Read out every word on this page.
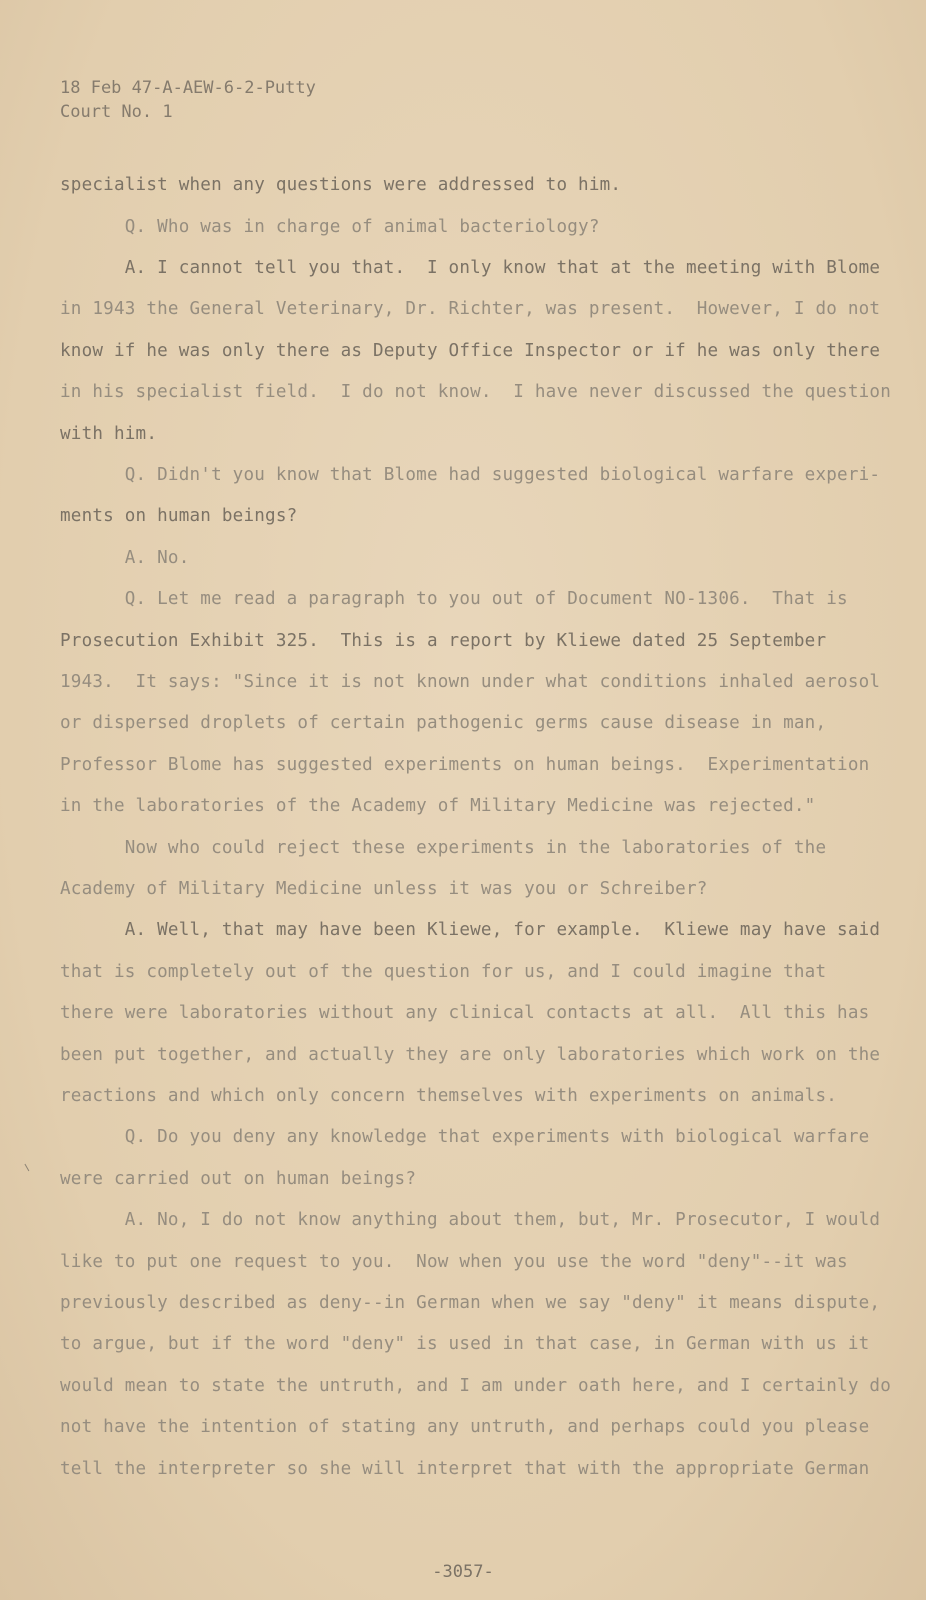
18 Feb 47-A-AEW-6-2-Putty
Court No. 1
specialist when any questions were addressed to him.
Q. Who was in charge of animal bacteriology?
A. I cannot tell you that.  I only know that at the meeting with Blome
in 1943 the General Veterinary, Dr. Richter, was present.  However, I do not
know if he was only there as Deputy Office Inspector or if he was only there
in his specialist field.  I do not know.  I have never discussed the question
with him.
Q. Didn't you know that Blome had suggested biological warfare experi-
ments on human beings?
A. No.
Q. Let me read a paragraph to you out of Document NO-1306.  That is
Prosecution Exhibit 325.  This is a report by Kliewe dated 25 September
1943.  It says: "Since it is not known under what conditions inhaled aerosol
or dispersed droplets of certain pathogenic germs cause disease in man,
Professor Blome has suggested experiments on human beings.  Experimentation
in the laboratories of the Academy of Military Medicine was rejected."
Now who could reject these experiments in the laboratories of the
Academy of Military Medicine unless it was you or Schreiber?
A. Well, that may have been Kliewe, for example.  Kliewe may have said
that is completely out of the question for us, and I could imagine that
there were laboratories without any clinical contacts at all.  All this has
been put together, and actually they are only laboratories which work on the
reactions and which only concern themselves with experiments on animals.
Q. Do you deny any knowledge that experiments with biological warfare
were carried out on human beings?
A. No, I do not know anything about them, but, Mr. Prosecutor, I would
like to put one request to you.  Now when you use the word "deny"--it was
previously described as deny--in German when we say "deny" it means dispute,
to argue, but if the word "deny" is used in that case, in German with us it
would mean to state the untruth, and I am under oath here, and I certainly do
not have the intention of stating any untruth, and perhaps could you please
tell the interpreter so she will interpret that with the appropriate German
-3057-
